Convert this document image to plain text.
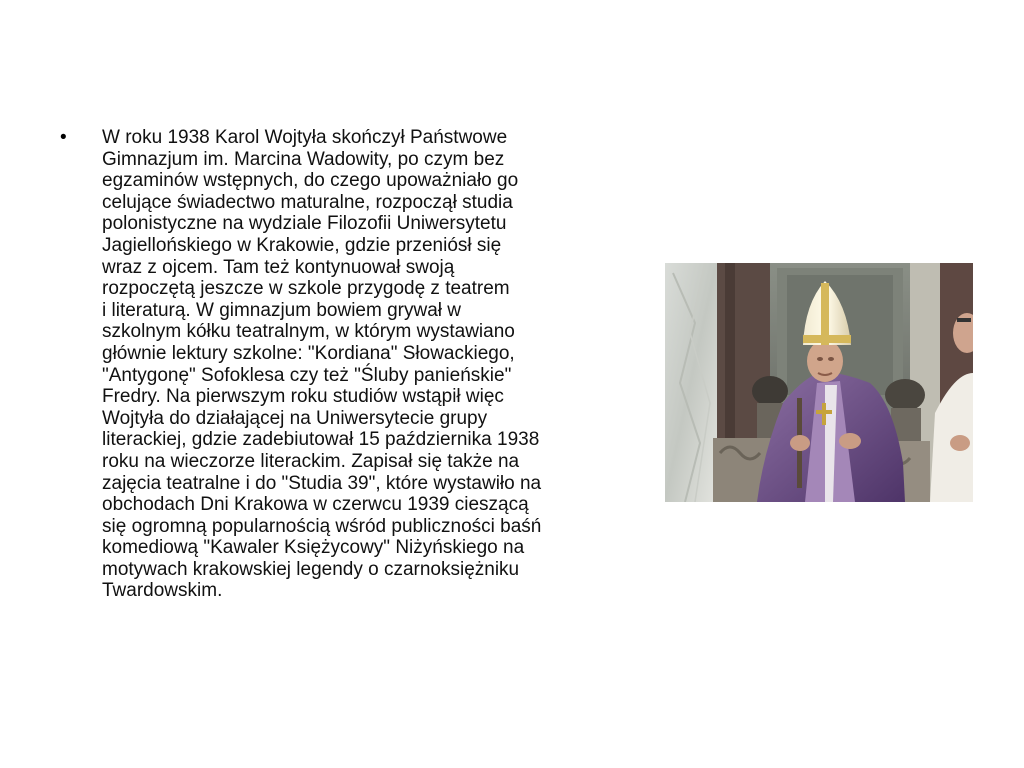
•	W roku 1938 Karol Wojtyła skończył Państwowe
Gimnazjum im. Marcina Wadowity, po czym bez
egzaminów wstępnych, do czego upoważniało go
celujące świadectwo maturalne, rozpoczął studia
polonistyczne na wydziale Filozofii Uniwersytetu
Jagiellońskiego w Krakowie, gdzie przeniósł się
wraz z ojcem. Tam też kontynuował swoją
rozpoczętą jeszcze w szkole przygodę z teatrem
i literaturą. W gimnazjum bowiem grywał w
szkolnym kółku teatralnym, w którym wystawiano
głównie lektury szkolne: "Kordiana" Słowackiego,
"Antygonę" Sofoklesa czy też "Śluby panieńskie"
Fredry. Na pierwszym roku studiów wstąpił więc
Wojtyła do działającej na Uniwersytecie grupy
literackiej, gdzie zadebiutował 15 października 1938
roku na wieczorze literackim. Zapisał się także na
zajęcia teatralne i do "Studia 39", które wystawiło na
obchodach Dni Krakowa w czerwcu 1939 cieszącą
się ogromną popularnością wśród publiczności baśń
komediową "Kawaler Księżycowy" Niżyńskiego na
motywach krakowskiej legendy o czarnoksiężniku
Twardowskim.
